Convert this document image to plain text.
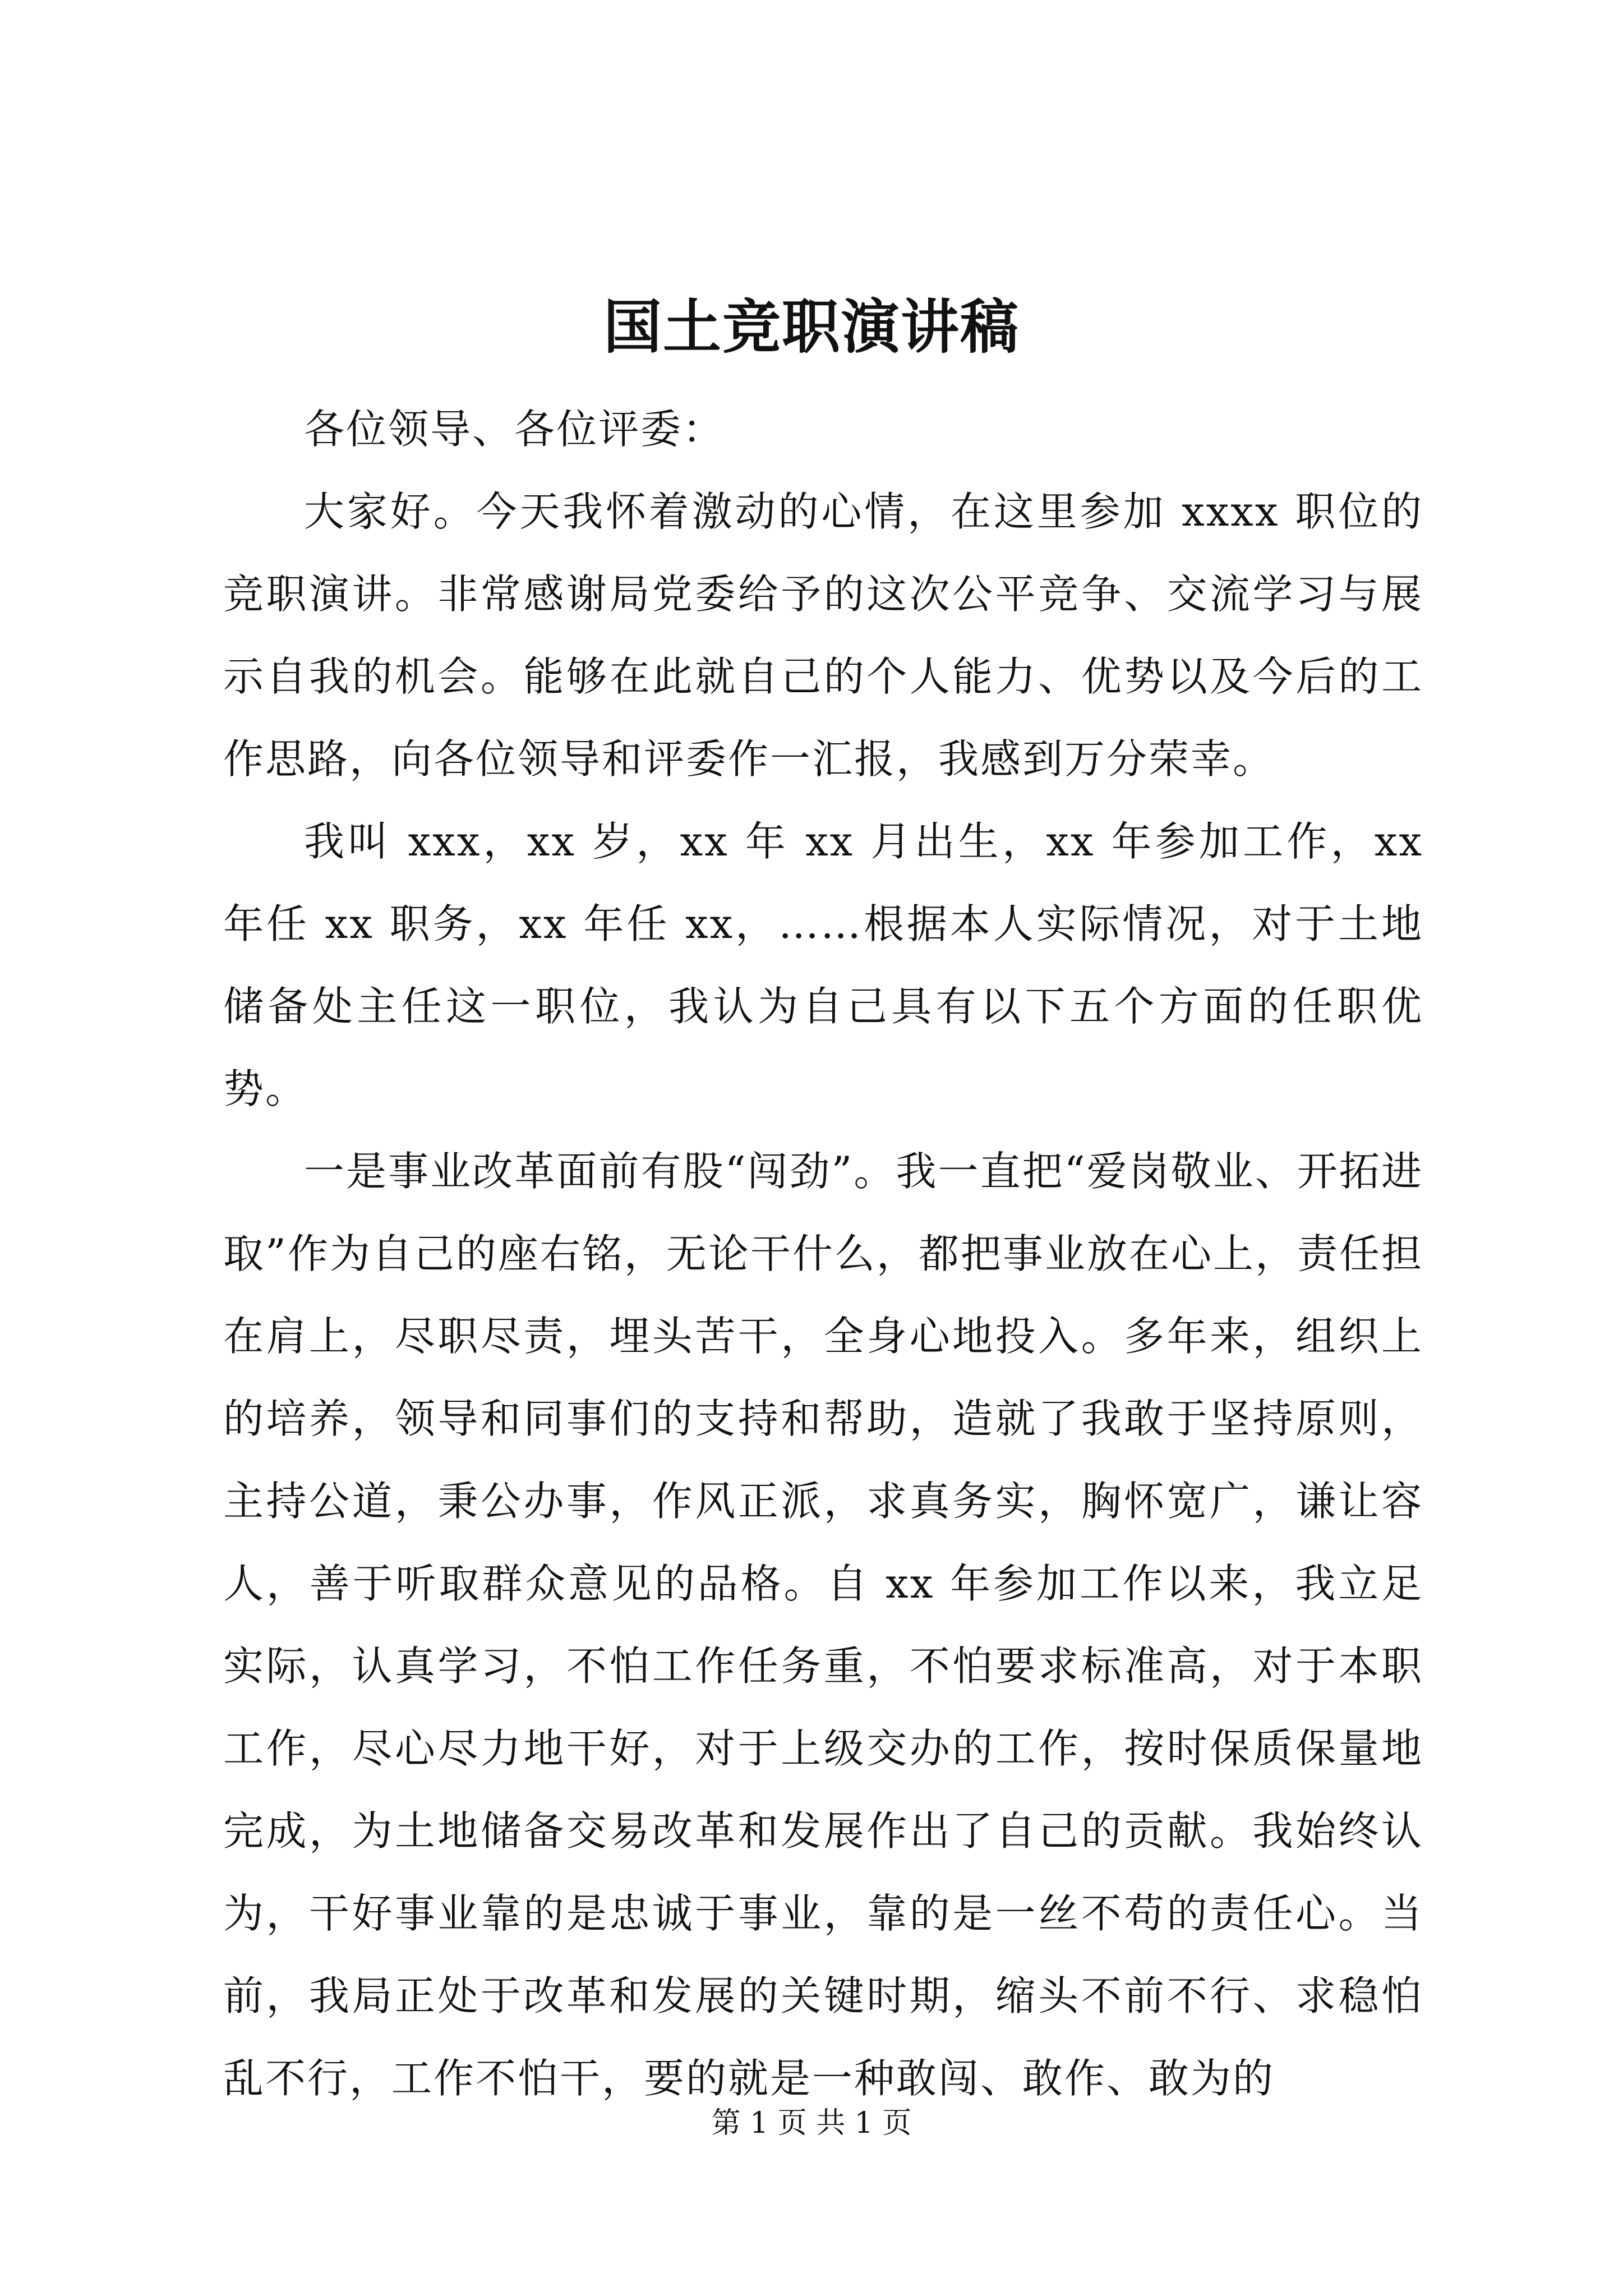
国土竞职演讲稿

各位领导、各位评委：

大家好。今天我怀着激动的心情，在这里参加 xxxx 职位的竞职演讲。非常感谢局党委给予的这次公平竞争、交流学习与展示自我的机会。能够在此就自己的个人能力、优势以及今后的工作思路，向各位领导和评委作一汇报，我感到万分荣幸。

我叫 xxx，xx 岁，xx 年 xx 月出生，xx 年参加工作，xx 年任 xx 职务，xx 年任 xx，……根据本人实际情况，对于土地储备处主任这一职位，我认为自己具有以下五个方面的任职优势。

一是事业改革面前有股“闯劲”。我一直把“爱岗敬业、开拓进取”作为自己的座右铭，无论干什么，都把事业放在心上，责任担在肩上，尽职尽责，埋头苦干，全身心地投入。多年来，组织上的培养，领导和同事们的支持和帮助，造就了我敢于坚持原则，主持公道，秉公办事，作风正派，求真务实，胸怀宽广，谦让容人，善于听取群众意见的品格。自 xx 年参加工作以来，我立足实际，认真学习，不怕工作任务重，不怕要求标准高，对于本职工作，尽心尽力地干好，对于上级交办的工作，按时保质保量地完成，为土地储备交易改革和发展作出了自己的贡献。我始终认为，干好事业靠的是忠诚于事业，靠的是一丝不苟的责任心。当前，我局正处于改革和发展的关键时期，缩头不前不行、求稳怕乱不行，工作不怕干，要的就是一种敢闯、敢作、敢为的

第 1 页 共 1 页
